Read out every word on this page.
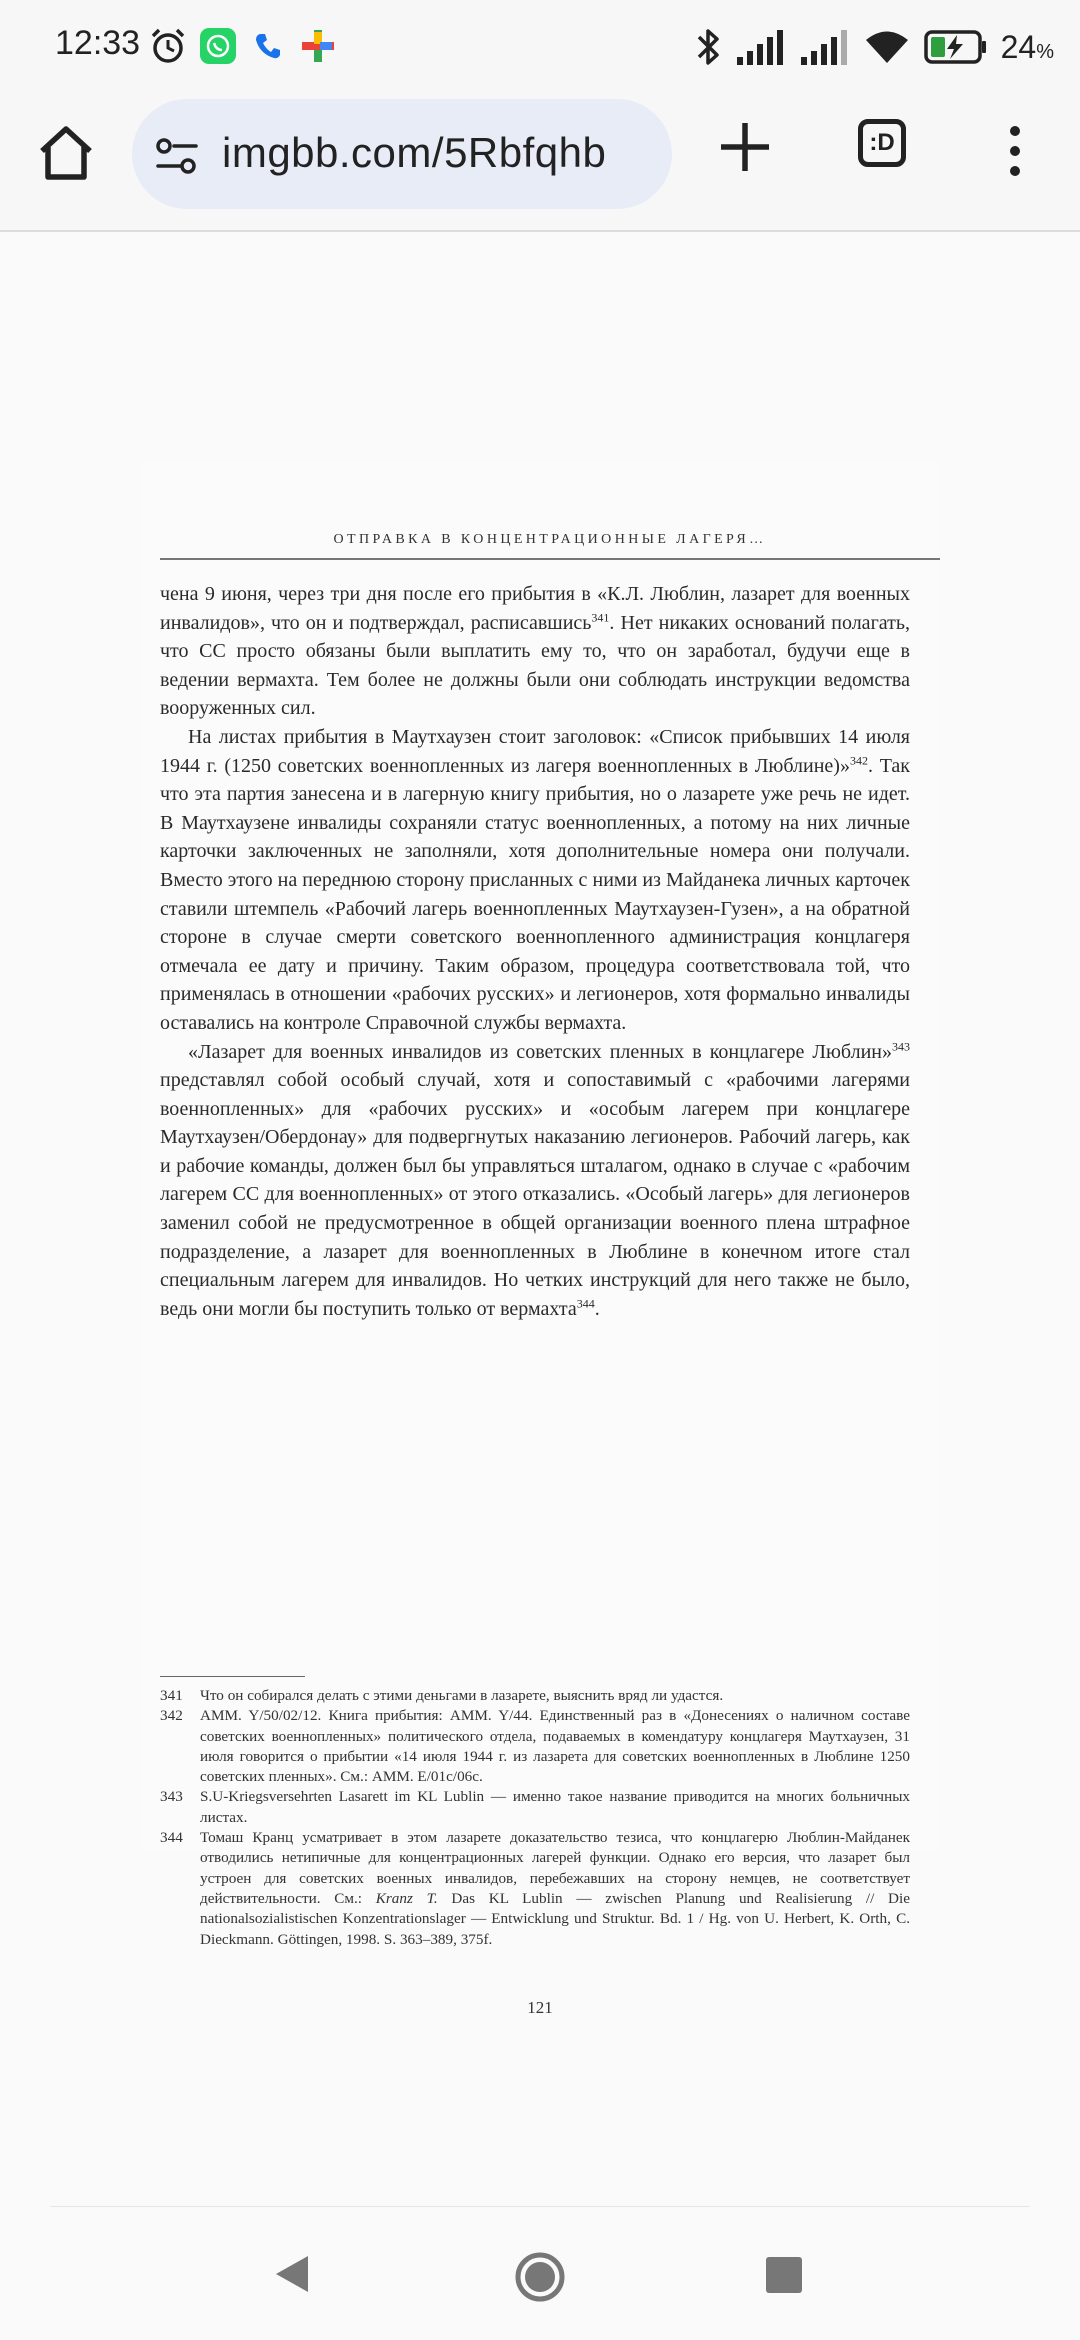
12:33	24%
imgbb.com/5Rbfqhb	:D
ОТПРАВКА В КОНЦЕНТРАЦИОННЫЕ ЛАГЕРЯ…

чена 9 июня, через три дня после его прибытия в «К.Л. Люблин, лазарет для военных инвалидов», что он и подтверждал, расписавшись$^{341}$. Нет никаких оснований полагать, что СС просто обязаны были выплатить ему то, что он заработал, будучи еще в ведении вермахта. Тем более не должны были они соблюдать инструкции ведомства вооруженных сил.

На листах прибытия в Маутхаузен стоит заголовок: «Список прибывших 14 июля 1944 г. (1250 советских военнопленных из лагеря военнопленных в Люблине)»$^{342}$. Так что эта партия занесена и в лагерную книгу прибытия, но о лазарете уже речь не идет. В Маутхаузене инвалиды сохраняли статус военнопленных, а потому на них личные карточки заключенных не заполняли, хотя дополнительные номера они получали. Вместо этого на переднюю сторону присланных с ними из Майданека личных карточек ставили штемпель «Рабочий лагерь военнопленных Маутхаузен-Гузен», а на обратной стороне в случае смерти советского военнопленного администрация концлагеря отмечала ее дату и причину. Таким образом, процедура соответствовала той, что применялась в отношении «рабочих русских» и легионеров, хотя формально инвалиды оставались на контроле Справочной службы вермахта.

«Лазарет для военных инвалидов из советских пленных в концлагере Люблин»$^{343}$ представлял собой особый случай, хотя и сопоставимый с «рабочими лагерями военнопленных» для «рабочих русских» и «особым лагерем при концлагере Маутхаузен/Обердонау» для подвергнутых наказанию легионеров. Рабочий лагерь, как и рабочие команды, должен был бы управляться шталагом, однако в случае с «рабочим лагерем СС для военнопленных» от этого отказались. «Особый лагерь» для легионеров заменил собой не предусмотренное в общей организации военного плена штрафное подразделение, а лазарет для военнопленных в Люблине в конечном итоге стал специальным лагерем для инвалидов. Но четких инструкций для него также не было, ведь они могли бы поступить только от вермахта$^{344}$.

341	Что он собирался делать с этими деньгами в лазарете, выяснить вряд ли удастся.
342	AMM. Y/50/02/12. Книга прибытия: AMM. Y/44. Единственный раз в «Донесениях о наличном составе советских военнопленных» политического отдела, подаваемых в комендатуру концлагеря Маутхаузен, 31 июля говорится о прибытии «14 июля 1944 г. из лазарета для советских военнопленных в Люблине 1250 советских пленных». См.: AMM. E/01c/06c.
343	S.U-Kriegsversehrten Lasarett im KL Lublin — именно такое название приводится на многих больничных листах.
344	Томаш Кранц усматривает в этом лазарете доказательство тезиса, что концлагерю Люблин-Майданек отводились нетипичные для концентрационных лагерей функции. Однако его версия, что лазарет был устроен для советских военных инвалидов, перебежавших на сторону немцев, не соответствует действительности. См.: Kranz T. Das KL Lublin — zwischen Planung und Realisierung // Die nationalsozialistischen Konzentrationslager — Entwicklung und Struktur. Bd. 1 / Hg. von U. Herbert, K. Orth, C. Dieckmann. Göttingen, 1998. S. 363–389, 375f.
121
